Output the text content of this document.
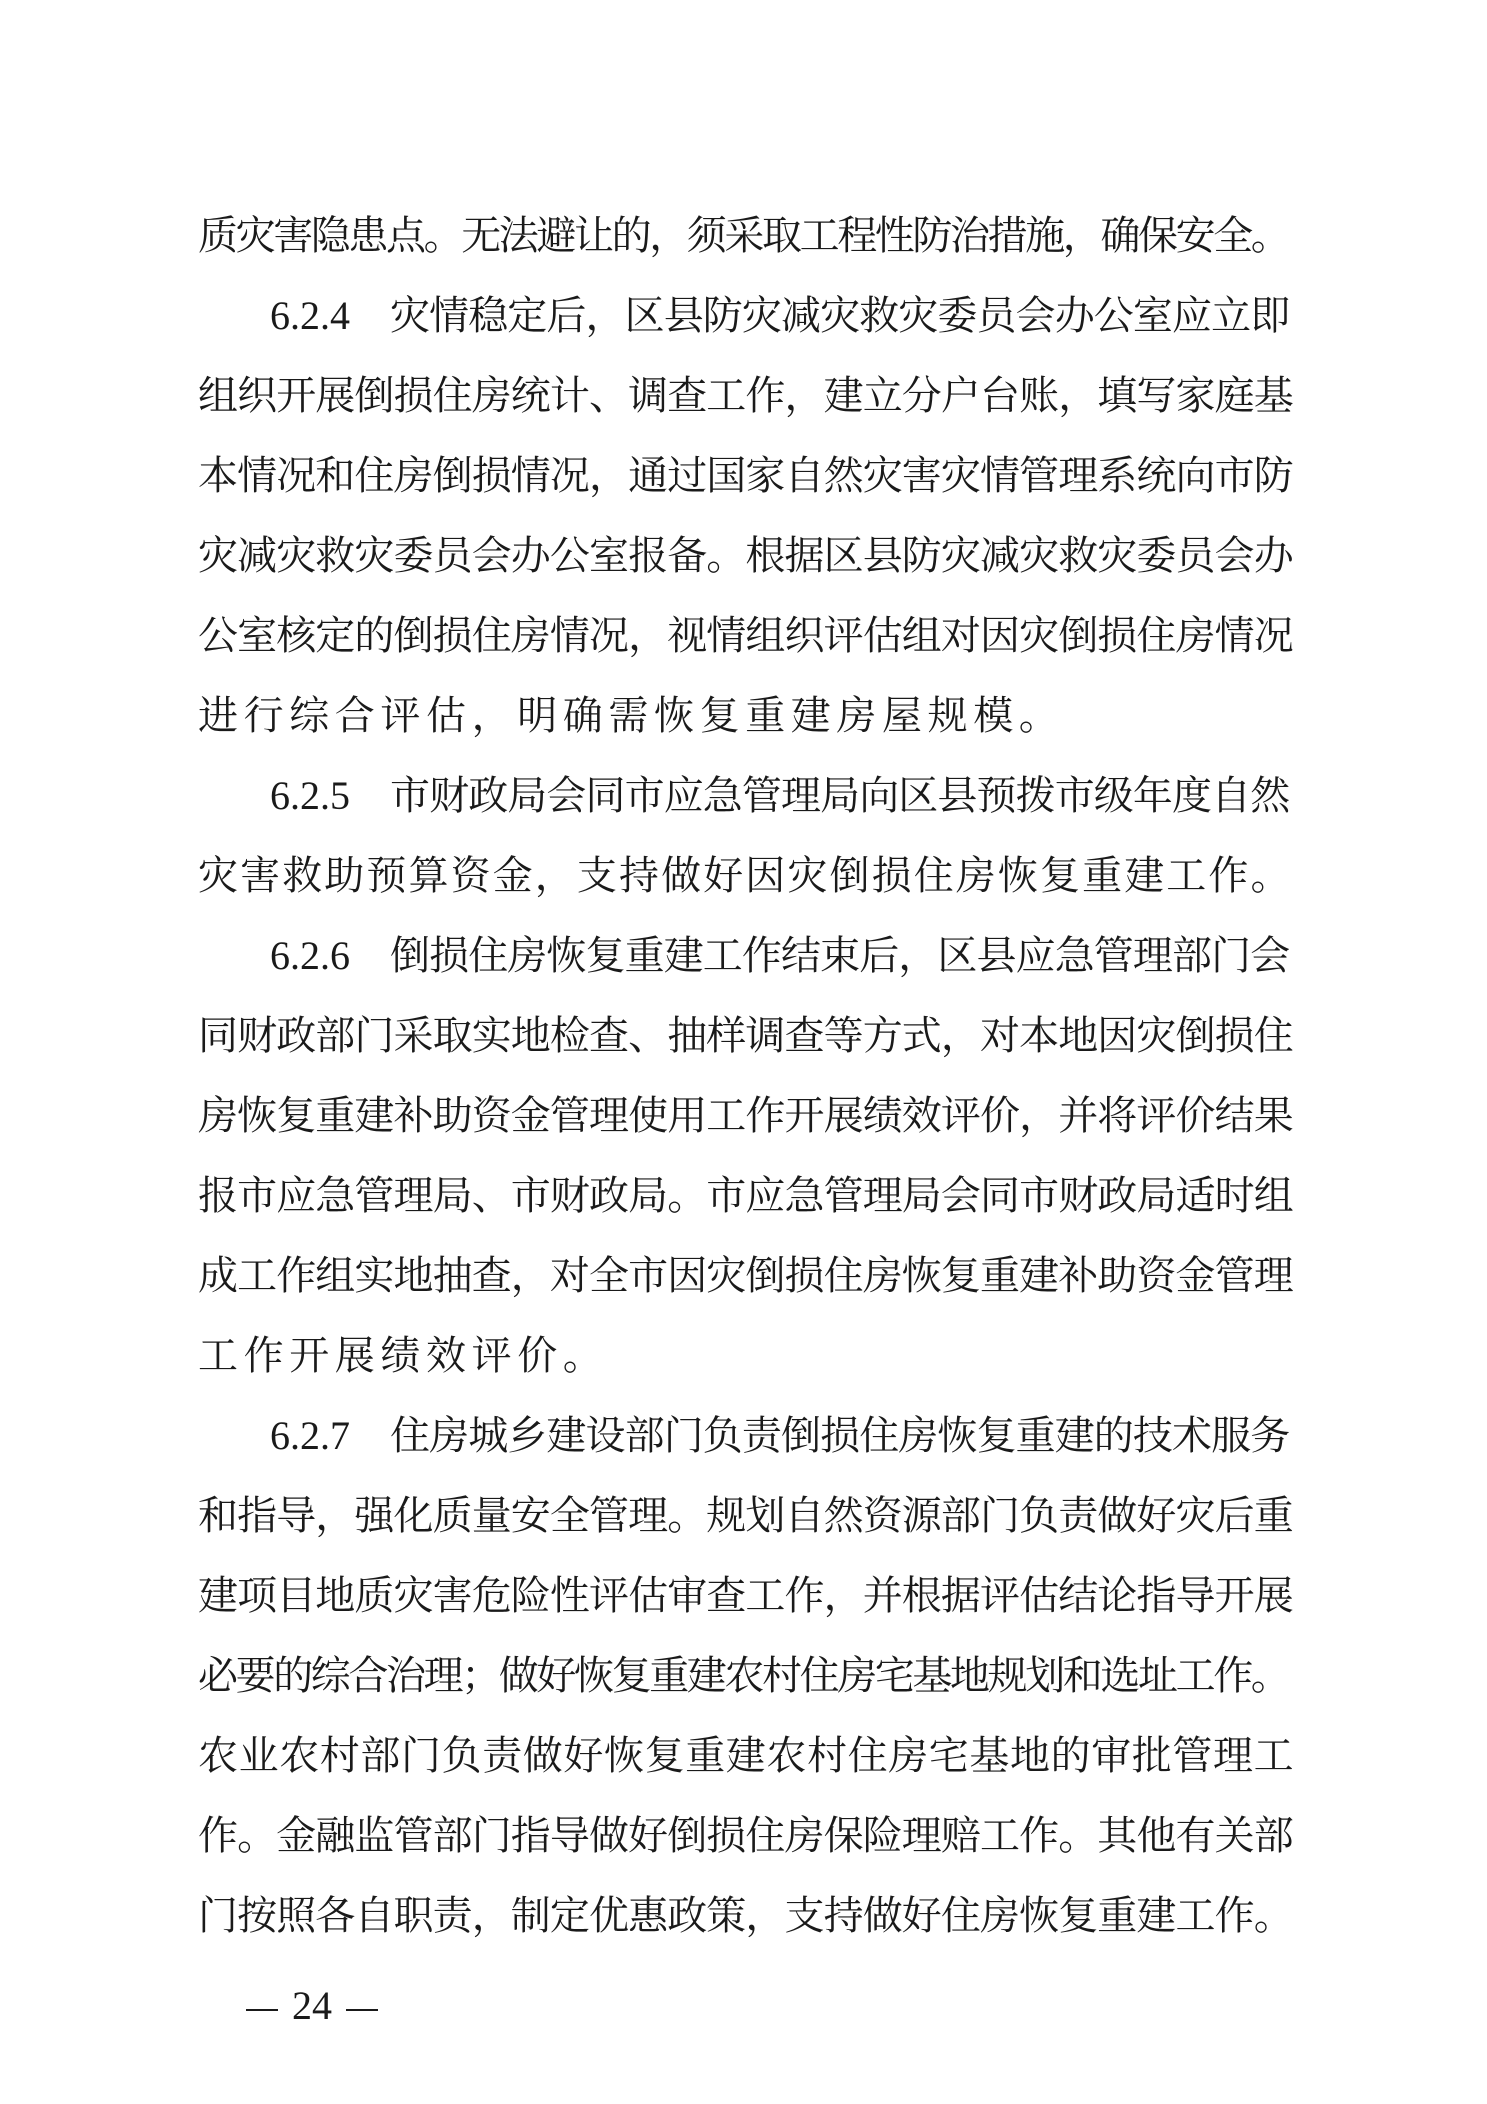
质灾害隐患点。无法避让的，须采取工程性防治措施，确保安全。
6.2.4 灾情稳定后，区县防灾减灾救灾委员会办公室应立即
组织开展倒损住房统计、调查工作，建立分户台账，填写家庭基
本情况和住房倒损情况，通过国家自然灾害灾情管理系统向市防
灾减灾救灾委员会办公室报备。根据区县防灾减灾救灾委员会办
公室核定的倒损住房情况，视情组织评估组对因灾倒损住房情况
进行综合评估，明确需恢复重建房屋规模。
6.2.5 市财政局会同市应急管理局向区县预拨市级年度自然
灾害救助预算资金，支持做好因灾倒损住房恢复重建工作。
6.2.6 倒损住房恢复重建工作结束后，区县应急管理部门会
同财政部门采取实地检查、抽样调查等方式，对本地因灾倒损住
房恢复重建补助资金管理使用工作开展绩效评价，并将评价结果
报市应急管理局、市财政局。市应急管理局会同市财政局适时组
成工作组实地抽查，对全市因灾倒损住房恢复重建补助资金管理
工作开展绩效评价。
6.2.7 住房城乡建设部门负责倒损住房恢复重建的技术服务
和指导，强化质量安全管理。规划自然资源部门负责做好灾后重
建项目地质灾害危险性评估审查工作，并根据评估结论指导开展
必要的综合治理；做好恢复重建农村住房宅基地规划和选址工作。
农业农村部门负责做好恢复重建农村住房宅基地的审批管理工
作。金融监管部门指导做好倒损住房保险理赔工作。其他有关部
门按照各自职责，制定优惠政策，支持做好住房恢复重建工作。
24
